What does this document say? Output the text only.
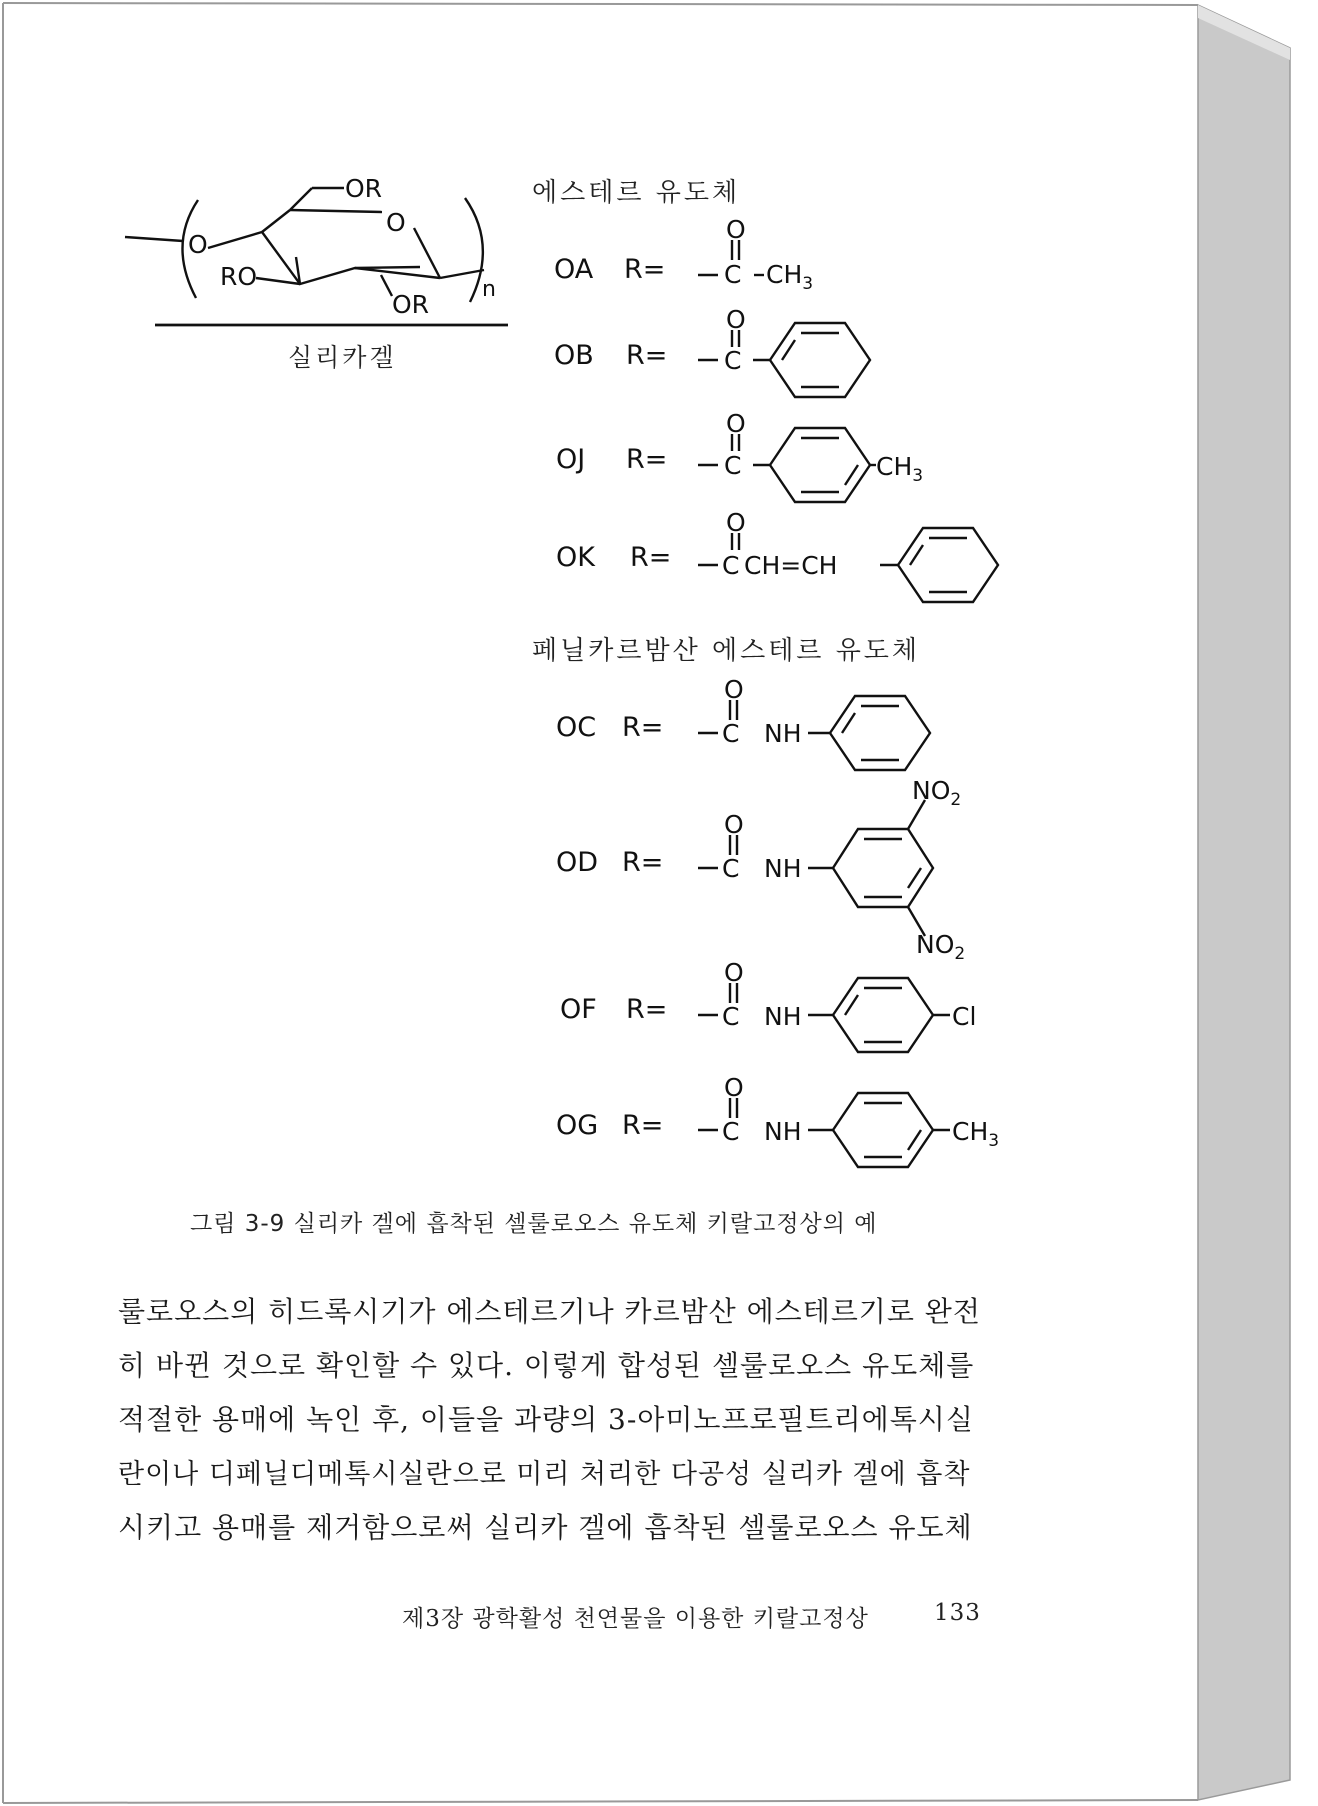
OR
O
O
RO
OR
n
실리카겔
에스테르 유도체
페닐카르밤산 에스테르 유도체
OA R=
O
C $CH_3$
OB R=
O
C
OJ R=
O
C	$CH_3$
OK R=
O
C CH=CH
OC R=
O
C NH
$NO_2$
OD R=
O
C NH
$NO_2$
OF R=
O
C NH	Cl
OG R=
O
C NH	$CH_3$
그림 3-9 실리카 겔에 흡착된 셀룰로오스 유도체 키랄고정상의 예
룰로오스의 히드록시기가 에스테르기나 카르밤산 에스테르기로 완전
히 바뀐 것으로 확인할 수 있다. 이렇게 합성된 셀룰로오스 유도체를
적절한 용매에 녹인 후, 이들을 과량의 3-아미노프로필트리에톡시실
란이나 디페닐디메톡시실란으로 미리 처리한 다공성 실리카 겔에 흡착
시키고 용매를 제거함으로써 실리카 겔에 흡착된 셀룰로오스 유도체
제3장 광학활성 천연물을 이용한 키랄고정상	133
